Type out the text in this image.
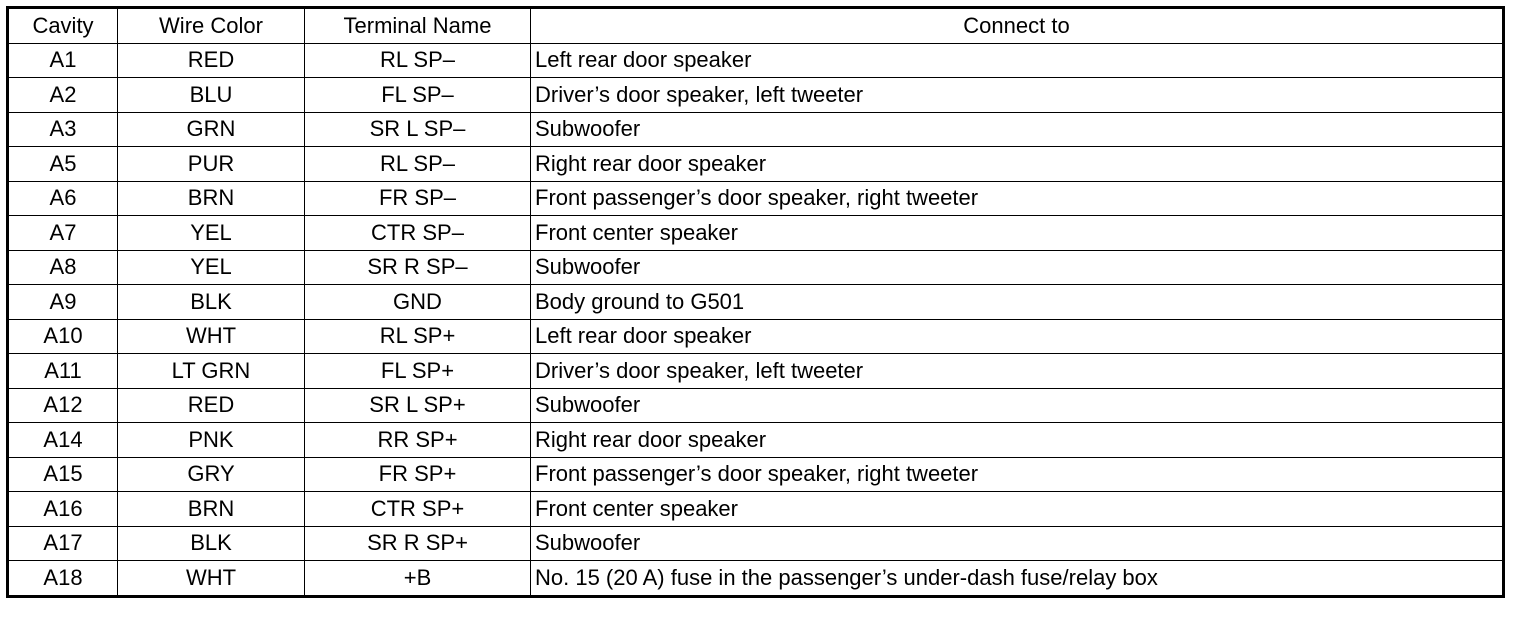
Cavity	Wire Color	Terminal Name	Connect to
A1	RED	RL SP–	Left rear door speaker
A2	BLU	FL SP–	Driver’s door speaker, left tweeter
A3	GRN	SR L SP–	Subwoofer
A5	PUR	RL SP–	Right rear door speaker
A6	BRN	FR SP–	Front passenger’s door speaker, right tweeter
A7	YEL	CTR SP–	Front center speaker
A8	YEL	SR R SP–	Subwoofer
A9	BLK	GND	Body ground to G501
A10	WHT	RL SP+	Left rear door speaker
A11	LT GRN	FL SP+	Driver’s door speaker, left tweeter
A12	RED	SR L SP+	Subwoofer
A14	PNK	RR SP+	Right rear door speaker
A15	GRY	FR SP+	Front passenger’s door speaker, right tweeter
A16	BRN	CTR SP+	Front center speaker
A17	BLK	SR R SP+	Subwoofer
A18	WHT	+B	No. 15 (20 A) fuse in the passenger’s under-dash fuse/relay box
